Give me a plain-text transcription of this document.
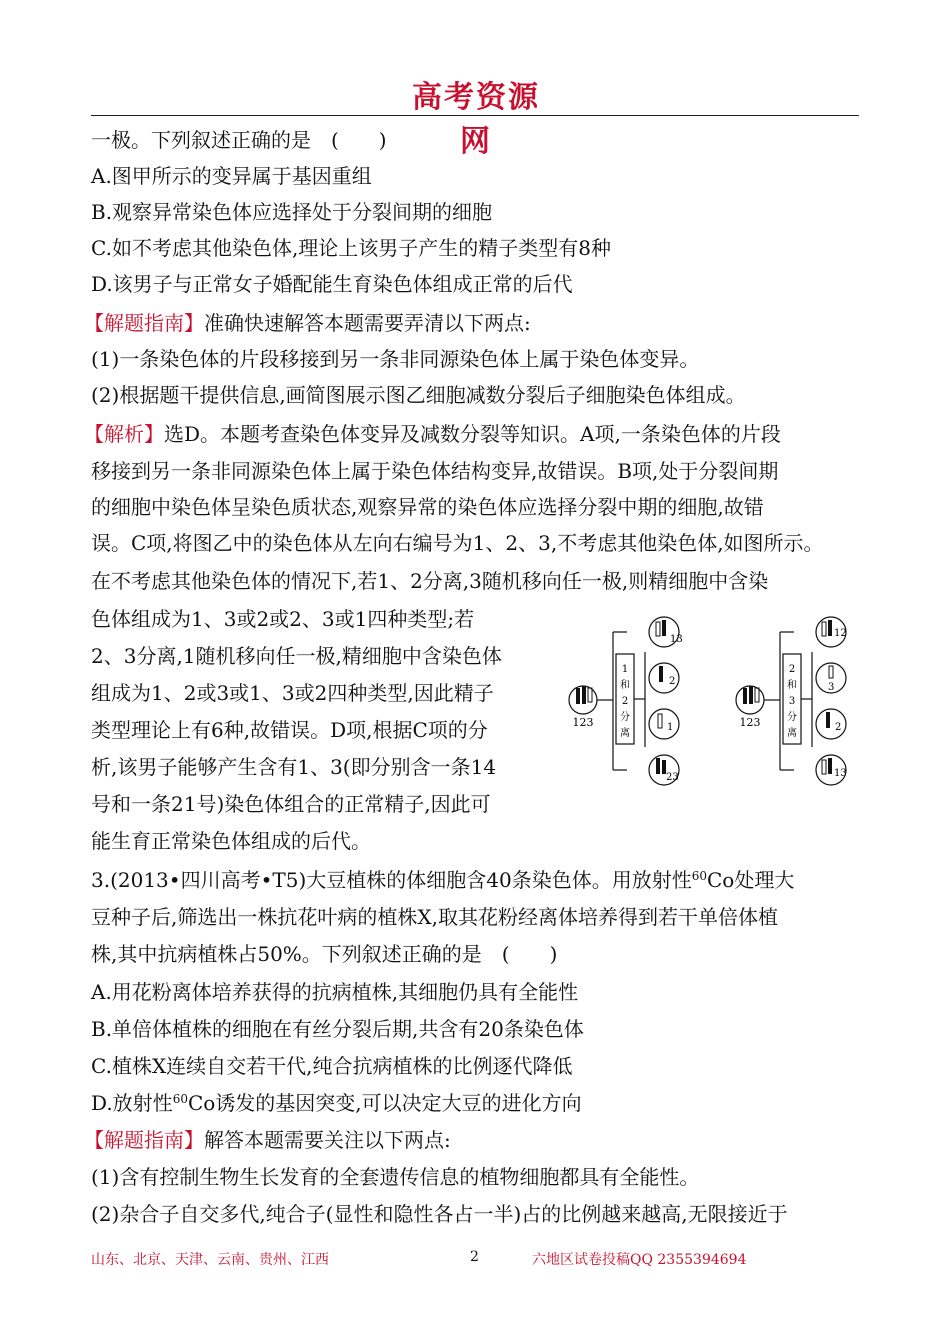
高考资源网
一极。下列叙述正确的是　(　　)
A.图甲所示的变异属于基因重组
B.观察异常染色体应选择处于分裂间期的细胞
C.如不考虑其他染色体,理论上该男子产生的精子类型有8种
D.该男子与正常女子婚配能生育染色体组成正常的后代
【解题指南】准确快速解答本题需要弄清以下两点:
(1)一条染色体的片段移接到另一条非同源染色体上属于染色体变异。
(2)根据题干提供信息,画简图展示图乙细胞减数分裂后子细胞染色体组成。
【解析】选D。本题考查染色体变异及减数分裂等知识。A项,一条染色体的片段
移接到另一条非同源染色体上属于染色体结构变异,故错误。B项,处于分裂间期
的细胞中染色体呈染色质状态,观察异常的染色体应选择分裂中期的细胞,故错
误。C项,将图乙中的染色体从左向右编号为1、2、3,不考虑其他染色体,如图所示。
在不考虑其他染色体的情况下,若1、2分离,3随机移向任一极,则精细胞中含染
色体组成为1、3或2或2、3或1四种类型;若
2、3分离,1随机移向任一极,精细胞中含染色体
组成为1、2或3或1、3或2四种类型,因此精子
类型理论上有6种,故错误。D项,根据C项的分
析,该男子能够产生含有1、3(即分别含一条14
号和一条21号)染色体组合的正常精子,因此可
能生育正常染色体组成的后代。
123
1
和
2
分
离
13
2
1
23
123
2
和
3
分
离
12
3
2
13
3.(2013•四川高考•T5)大豆植株的体细胞含40条染色体。用放射性$^{60}$Co处理大
豆种子后,筛选出一株抗花叶病的植株X,取其花粉经离体培养得到若干单倍体植
株,其中抗病植株占50%。下列叙述正确的是　(　　)
A.用花粉离体培养获得的抗病植株,其细胞仍具有全能性
B.单倍体植株的细胞在有丝分裂后期,共含有20条染色体
C.植株X连续自交若干代,纯合抗病植株的比例逐代降低
D.放射性$^{60}$Co诱发的基因突变,可以决定大豆的进化方向
【解题指南】解答本题需要关注以下两点:
(1)含有控制生物生长发育的全套遗传信息的植物细胞都具有全能性。
(2)杂合子自交多代,纯合子(显性和隐性各占一半)占的比例越来越高,无限接近于
山东、北京、天津、云南、贵州、江西	2	六地区试卷投稿QQ 2355394694
